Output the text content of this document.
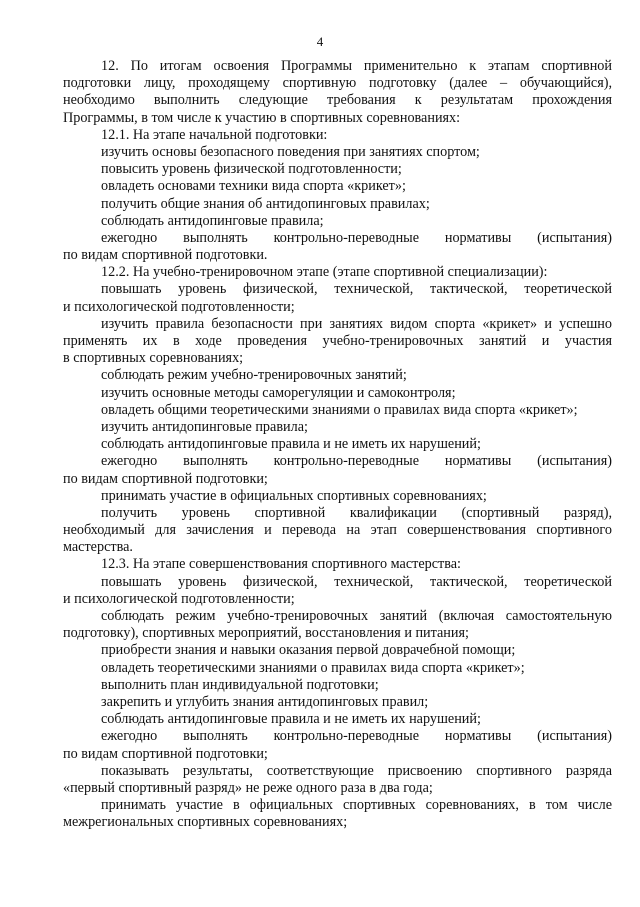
4
12. По итогам освоения Программы применительно к этапам спортивной
подготовки лицу, проходящему спортивную подготовку (далее – обучающийся),
необходимо выполнить следующие требования к результатам прохождения
Программы, в том числе к участию в спортивных соревнованиях:
12.1. На этапе начальной подготовки:
изучить основы безопасного поведения при занятиях спортом;
повысить уровень физической подготовленности;
овладеть основами техники вида спорта «крикет»;
получить общие знания об антидопинговых правилах;
соблюдать антидопинговые правила;
ежегодно выполнять контрольно-переводные нормативы (испытания)
по видам спортивной подготовки.
12.2. На учебно-тренировочном этапе (этапе спортивной специализации):
повышать уровень физической, технической, тактической, теоретической
и психологической подготовленности;
изучить правила безопасности при занятиях видом спорта «крикет» и успешно
применять их в ходе проведения учебно-тренировочных занятий и участия
в спортивных соревнованиях;
соблюдать режим учебно-тренировочных занятий;
изучить основные методы саморегуляции и самоконтроля;
овладеть общими теоретическими знаниями о правилах вида спорта «крикет»;
изучить антидопинговые правила;
соблюдать антидопинговые правила и не иметь их нарушений;
ежегодно выполнять контрольно-переводные нормативы (испытания)
по видам спортивной подготовки;
принимать участие в официальных спортивных соревнованиях;
получить уровень спортивной квалификации (спортивный разряд),
необходимый для зачисления и перевода на этап совершенствования спортивного
мастерства.
12.3. На этапе совершенствования спортивного мастерства:
повышать уровень физической, технической, тактической, теоретической
и психологической подготовленности;
соблюдать режим учебно-тренировочных занятий (включая самостоятельную
подготовку), спортивных мероприятий, восстановления и питания;
приобрести знания и навыки оказания первой доврачебной помощи;
овладеть теоретическими знаниями о правилах вида спорта «крикет»;
выполнить план индивидуальной подготовки;
закрепить и углубить знания антидопинговых правил;
соблюдать антидопинговые правила и не иметь их нарушений;
ежегодно выполнять контрольно-переводные нормативы (испытания)
по видам спортивной подготовки;
показывать результаты, соответствующие присвоению спортивного разряда
«первый спортивный разряд» не реже одного раза в два года;
принимать участие в официальных спортивных соревнованиях, в том числе
межрегиональных спортивных соревнованиях;
